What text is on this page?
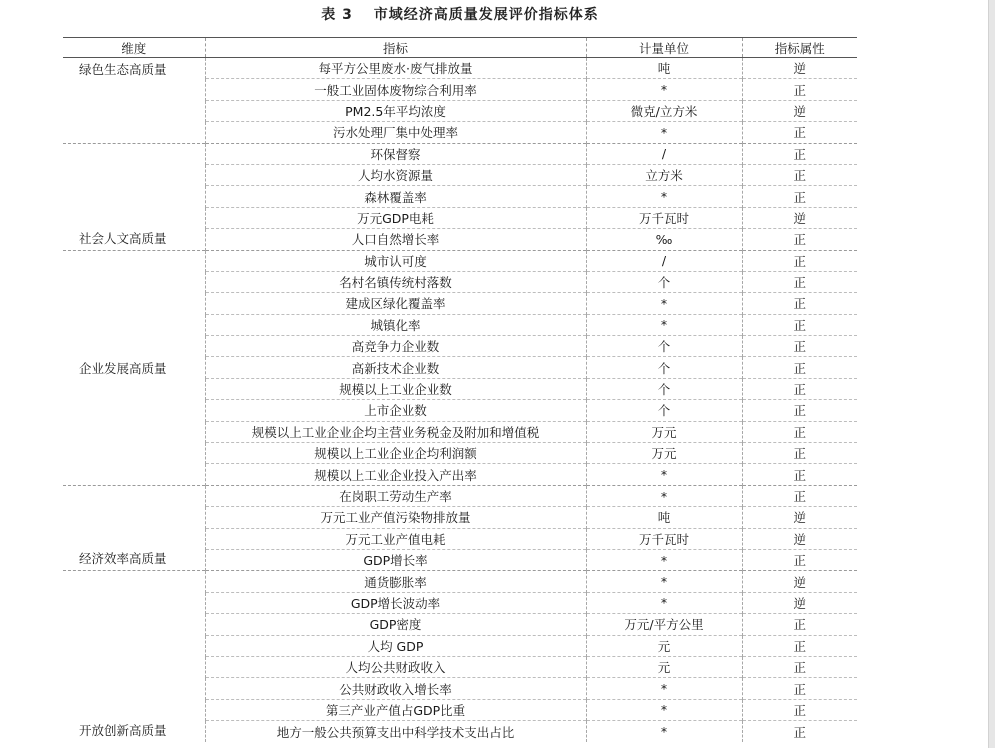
表 3　 市域经济高质量发展评价指标体系
维度	指标	计量单位	指标属性
绿色生态高质量	每平方公里废水·废气排放量	吨	逆
	一般工业固体废物综合利用率	*	正
	PM2.5年平均浓度	微克/立方米	逆
	污水处理厂集中处理率	*	正
社会人文高质量	环保督察	/	正
	人均水资源量	立方米	正
	森林覆盖率	*	正
	万元GDP电耗	万千瓦时	逆
	人口自然增长率	‰	正
企业发展高质量	城市认可度	/	正
	名村名镇传统村落数	个	正
	建成区绿化覆盖率	*	正
	城镇化率	*	正
	高竞争力企业数	个	正
	高新技术企业数	个	正
	规模以上工业企业数	个	正
	上市企业数	个	正
	规模以上工业企业企均主营业务税金及附加和增值税	万元	正
	规模以上工业企业企均利润额	万元	正
	规模以上工业企业投入产出率	*	正
经济效率高质量	在岗职工劳动生产率	*	正
	万元工业产值污染物排放量	吨	逆
	万元工业产值电耗	万千瓦时	逆
	GDP增长率	*	正
开放创新高质量	通货膨胀率	*	逆
	GDP增长波动率	*	逆
	GDP密度	万元/平方公里	正
	人均 GDP	元	正
	人均公共财政收入	元	正
	公共财政收入增长率	*	正
	第三产业产值占GDP比重	*	正
	地方一般公共预算支出中科学技术支出占比	*	正
